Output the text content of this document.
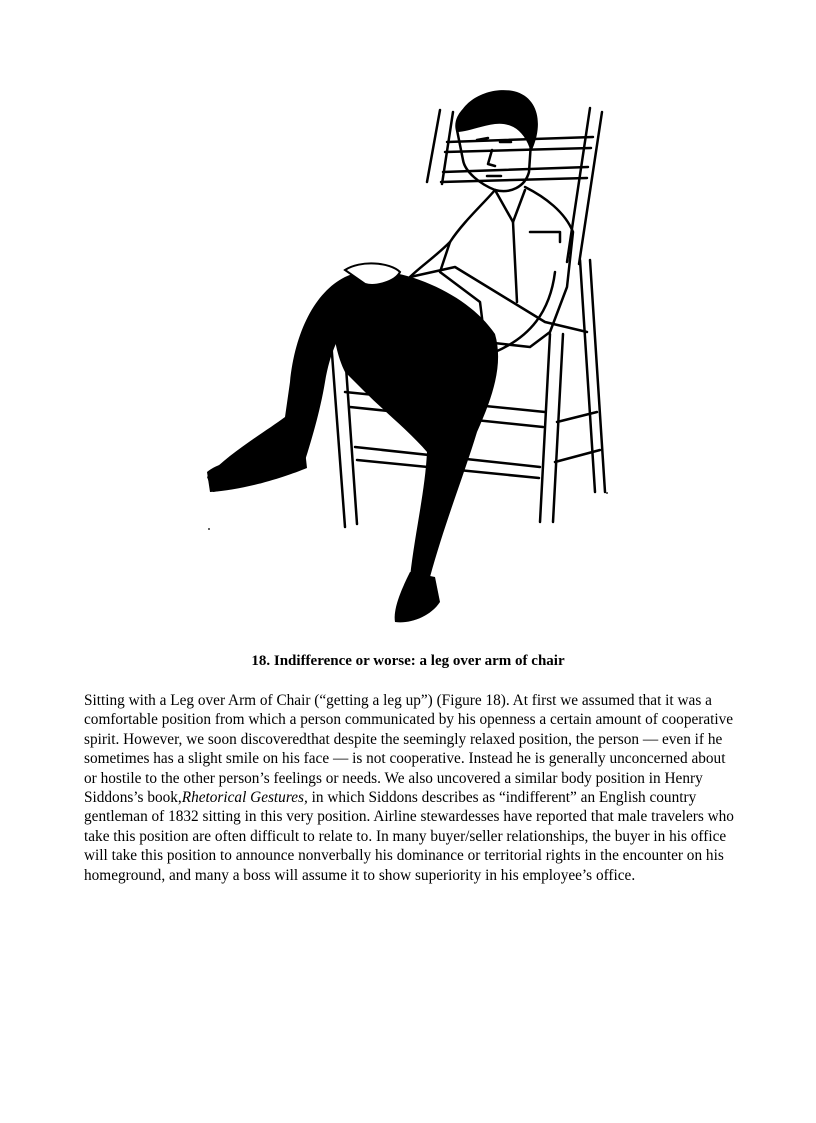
18. Indifference or worse: a leg over arm of chair

Sitting with a Leg over Arm of Chair (“getting a leg up”) (Figure 18). At first we assumed that it was a comfortable position from which a person communicated by his openness a certain amount of cooperative spirit. However, we soon discoveredthat despite the seemingly relaxed position, the person — even if he sometimes has a slight smile on his face — is not cooperative. Instead he is generally unconcerned about or hostile to the other person’s feelings or needs. We also uncovered a similar body position in Henry Siddons’s book,Rhetorical Gestures, in which Siddons describes as “indifferent” an English country gentleman of 1832 sitting in this very position. Airline stewardesses have reported that male travelers who take this position are often difficult to relate to. In many buyer/seller relationships, the buyer in his office will take this position to announce nonverbally his dominance or territorial rights in the encounter on his homeground, and many a boss will assume it to show superiority in his employee’s office.
